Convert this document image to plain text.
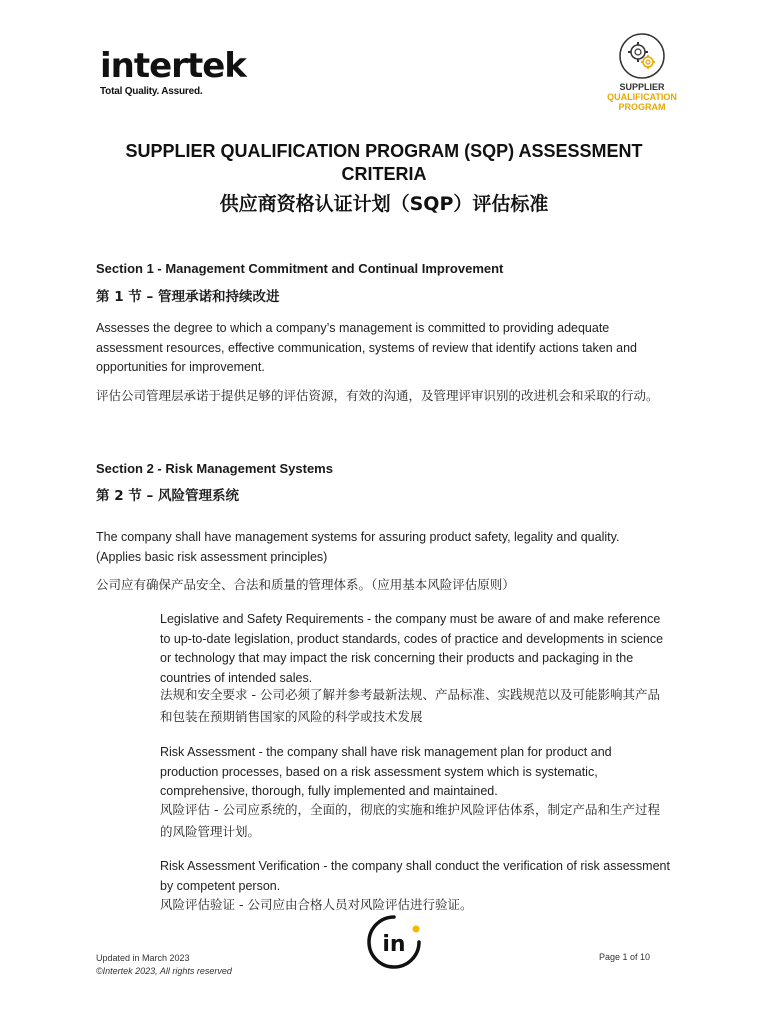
intertek
Total Quality. Assured.	SUPPLIER
QUALIFICATION
PROGRAM
SUPPLIER QUALIFICATION PROGRAM (SQP) ASSESSMENT
CRITERIA
供应商资格认证计划（SQP）评估标准
Section 1 - Management Commitment and Continual Improvement
第 1 节 – 管理承诺和持续改进
Assesses the degree to which a company’s management is committed to providing adequate assessment resources, effective communication, systems of review that identify actions taken and opportunities for improvement.
评估公司管理层承诺于提供足够的评估资源，有效的沟通，及管理评审识别的改进机会和采取的行动。
Section 2 - Risk Management Systems
第 2 节 – 风险管理系统
The company shall have management systems for assuring product safety, legality and quality. (Applies basic risk assessment principles)
公司应有确保产品安全、合法和质量的管理体系。（应用基本风险评估原则）
Legislative and Safety Requirements - the company must be aware of and make reference to up-to-date legislation, product standards, codes of practice and developments in science or technology that may impact the risk concerning their products and packaging in the countries of intended sales.
法规和安全要求 - 公司必须了解并参考最新法规、产品标准、实践规范以及可能影响其产品和包装在预期销售国家的风险的科学或技术发展
Risk Assessment - the company shall have risk management plan for product and production processes, based on a risk assessment system which is systematic, comprehensive, thorough, fully implemented and maintained.
风险评估 - 公司应系统的，全面的，彻底的实施和维护风险评估体系，制定产品和生产过程的风险管理计划。
Risk Assessment Verification - the company shall conduct the verification of risk assessment by competent person.
风险评估验证 - 公司应由合格人员对风险评估进行验证。
Updated in March 2023
©Intertek 2023, All rights reserved
in	Page 1 of 10
